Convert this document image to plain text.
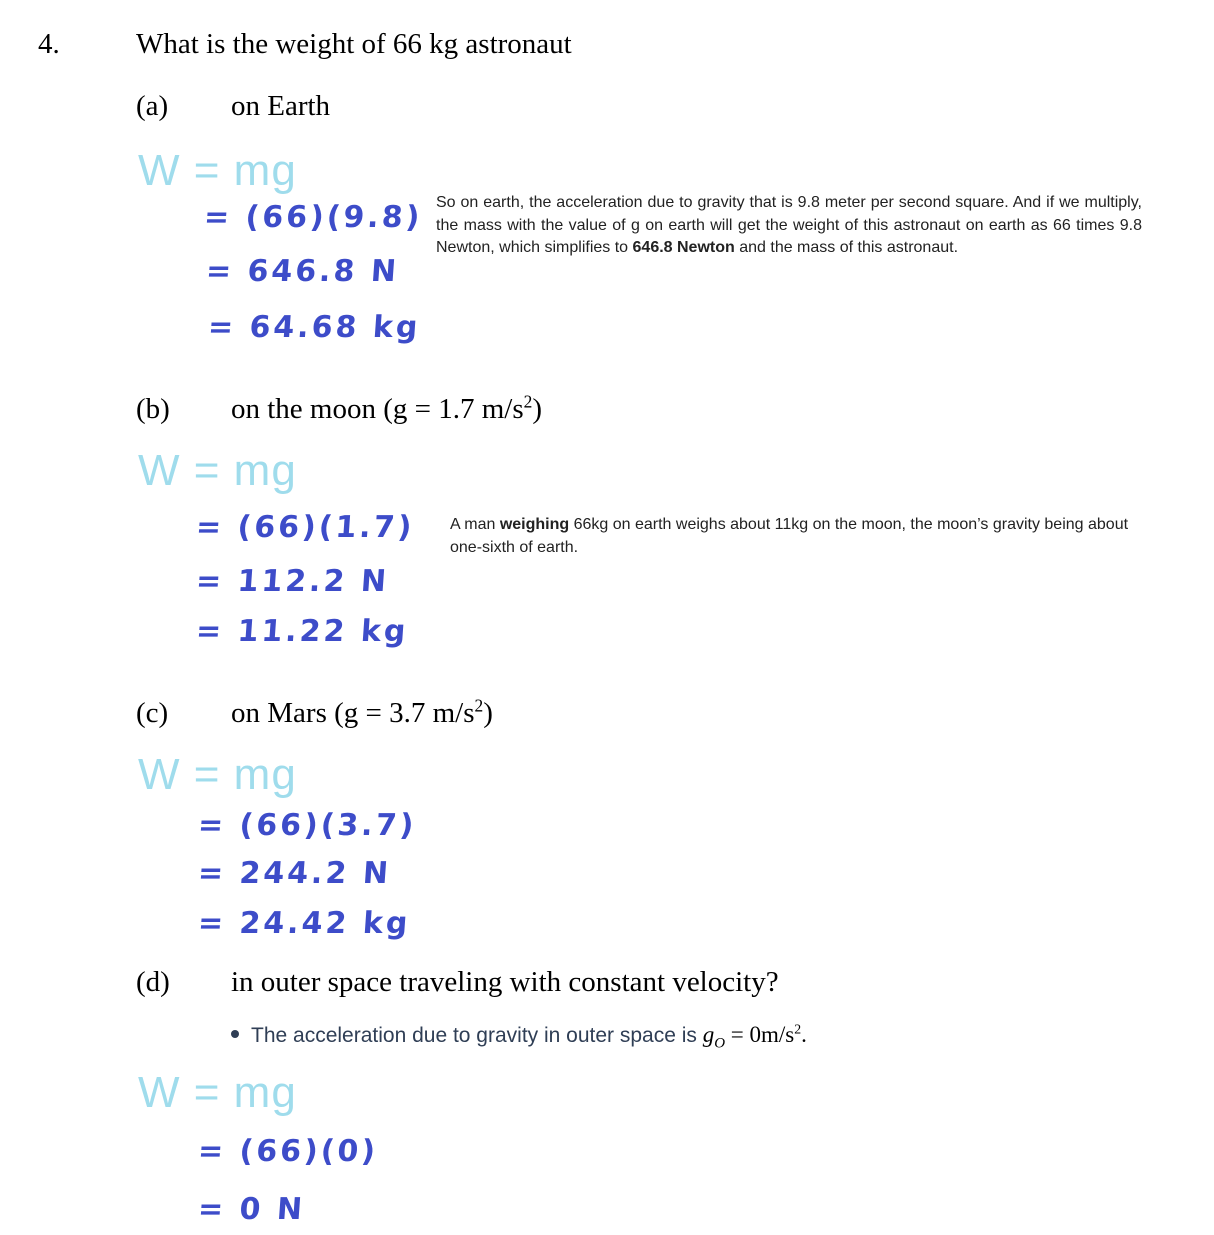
4.	What is the weight of 66 kg astronaut
(a) on Earth
W = mg
= (66)(9.8)
= 646.8 N
= 64.68 kg
So on earth, the acceleration due to gravity that is 9.8 meter per second square. And if we multiply, the mass with the value of g on earth will get the weight of this astronaut on earth as 66 times 9.8 Newton, which simplifies to 646.8 Newton and the mass of this astronaut.
(b) on the moon (g = 1.7 $m/s^2$)
W = mg
= (66)(1.7)
= 112.2 N
= 11.22 kg
A man weighing 66kg on earth weighs about 11kg on the moon, the moon’s gravity being about one-sixth of earth.
(c) on Mars (g = 3.7 $m/s^2$)
W = mg
= (66)(3.7)
= 244.2 N
= 24.42 kg
(d) in outer space traveling with constant velocity?
The acceleration due to gravity in outer space is $g_O = 0m/s^2$.
W = mg
= (66)(0)
= 0 N
